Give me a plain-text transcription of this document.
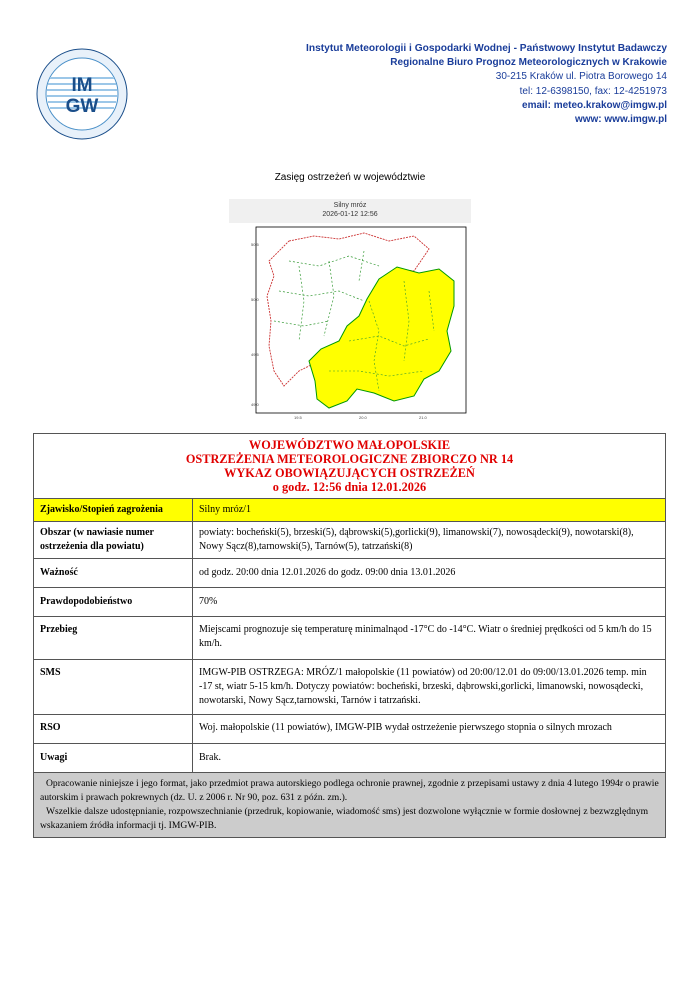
IM
GW
Instytut Meteorologii i Gospodarki Wodnej - Państwowy Instytut Badawczy
Regionalne Biuro Prognoz Meteorologicznych w Krakowie
30-215 Kraków ul. Piotra Borowego 14
tel: 12-6398150, fax: 12-4251973
email: meteo.krakow@imgw.pl
www: www.imgw.pl
Zasięg ostrzeżeń w województwie
Silny mróz
2026-01-12 12:56
50.5
50.0
49.5
49.0
19.5	20.0	21.0
WOJEWÓDZTWO MAŁOPOLSKIE
OSTRZEŻENIA METEOROLOGICZNE ZBIORCZO NR 14
WYKAZ OBOWIĄZUJĄCYCH OSTRZEŻEŃ
o godz. 12:56 dnia 12.01.2026	

Zjawisko/Stopień zagrożenia	Silny mróz/1
Obszar (w nawiasie numer ostrzeżenia dla powiatu)	powiaty: bocheński(5), brzeski(5), dąbrowski(5),gorlicki(9), limanowski(7), nowosądecki(9), nowotarski(8), Nowy Sącz(8),tarnowski(5), Tarnów(5), tatrzański(8)
Ważność	od godz. 20:00 dnia 12.01.2026 do godz. 09:00 dnia 13.01.2026
Prawdopodobieństwo	70%
Przebieg	Miejscami prognozuje się temperaturę minimalnąod -17°C do -14°C. Wiatr o średniej prędkości od 5 km/h do 15 km/h.
SMS	IMGW-PIB OSTRZEGA: MRÓZ/1 małopolskie (11 powiatów) od 20:00/12.01 do 09:00/13.01.2026 temp. min -17 st, wiatr 5-15 km/h. Dotyczy powiatów: bocheński, brzeski, dąbrowski,gorlicki, limanowski, nowosądecki, nowotarski, Nowy Sącz,tarnowski, Tarnów i tatrzański.
RSO	Woj. małopolskie (11 powiatów), IMGW-PIB wydał ostrzeżenie pierwszego stopnia o silnych mrozach
Uwagi	Brak.

Opracowanie niniejsze i jego format, jako przedmiot prawa autorskiego podlega ochronie prawnej, zgodnie z przepisami ustawy z dnia 4 lutego 1994r o prawie autorskim i prawach pokrewnych (dz. U. z 2006 r. Nr 90, poz. 631 z późn. zm.).
Wszelkie dalsze udostępnianie, rozpowszechnianie (przedruk, kopiowanie, wiadomość sms) jest dozwolone wyłącznie w formie dosłownej z bezwzględnym wskazaniem źródła informacji tj. IMGW-PIB.	
